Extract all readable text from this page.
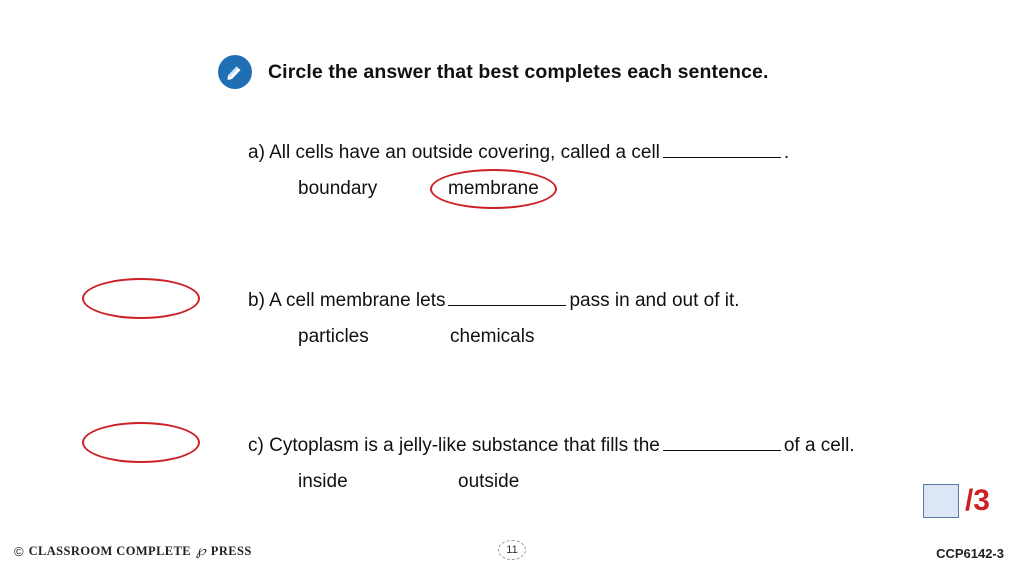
Circle the answer that best completes each sentence.
a) All cells have an outside covering, called a cell	.
boundary	membrane
b) A cell membrane lets	pass in and out of it.
particles	chemicals
c) Cytoplasm is a jelly-like substance that fills the	of a cell.
inside	outside
/3
© CLASSROOM COMPLETE ℘ PRESS	11	CCP6142-3
